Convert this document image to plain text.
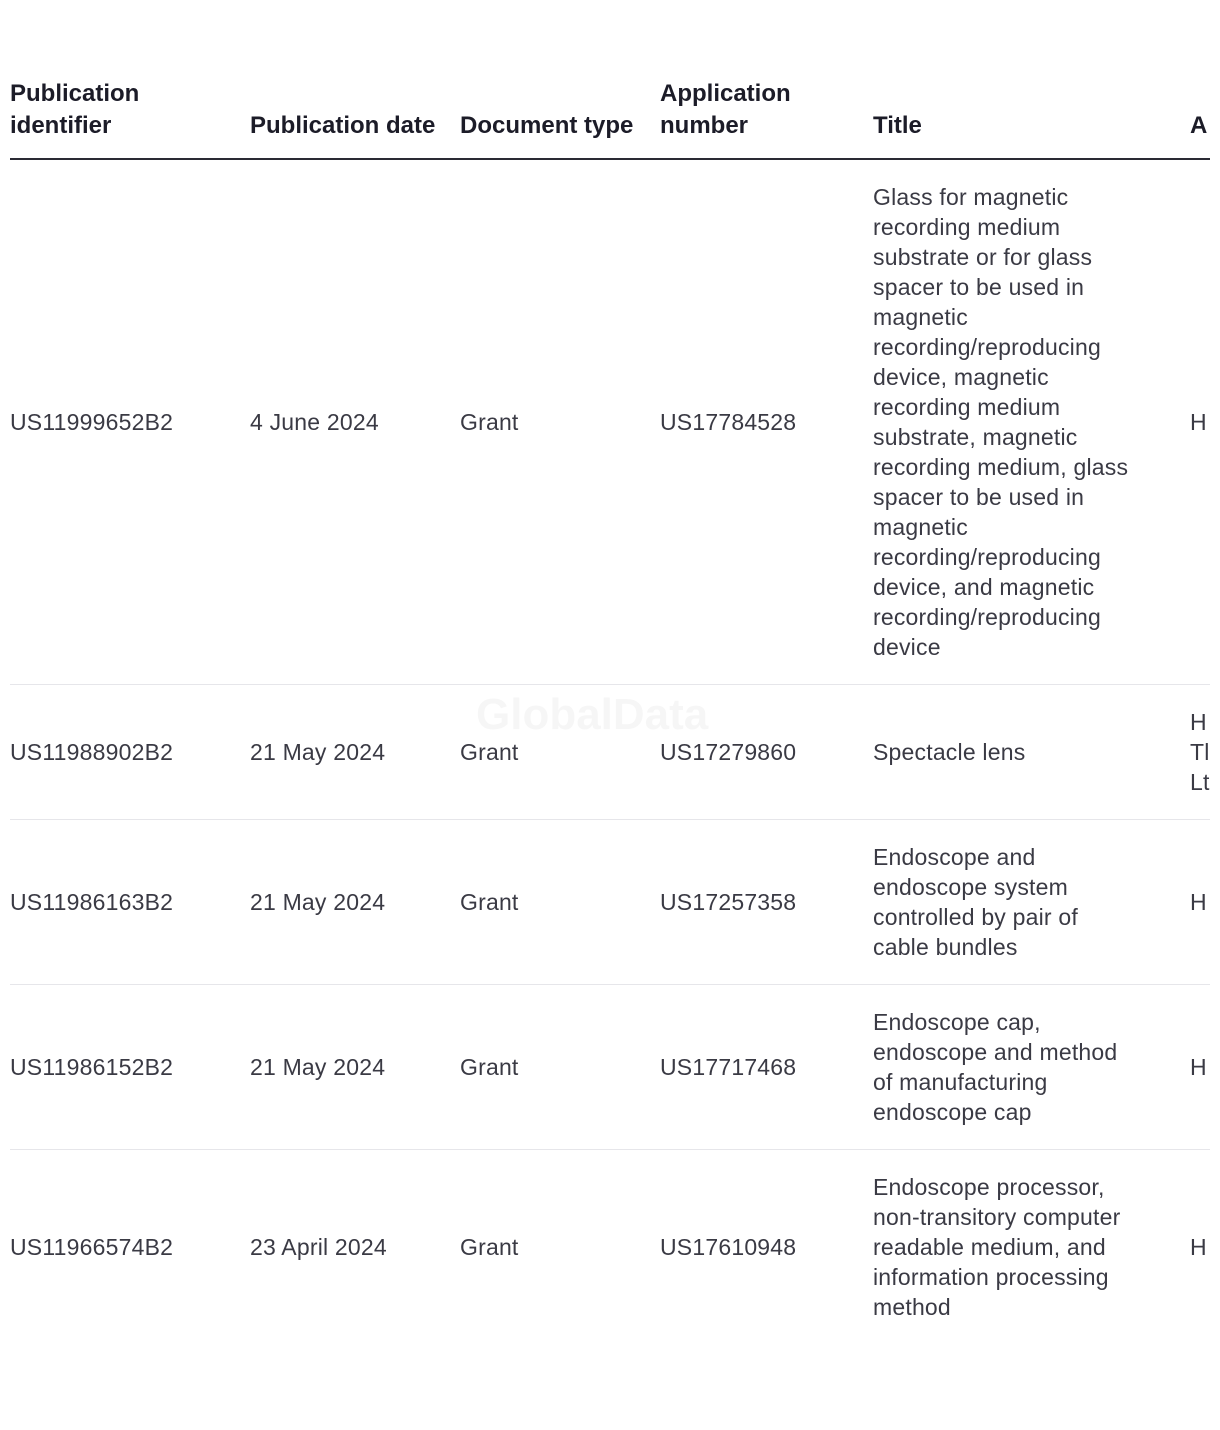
Publication identifier	Publication date	Document type	Application number	Title	A
US11999652B2	4 June 2024	Grant	US17784528	Glass for magnetic recording medium substrate or for glass spacer to be used in magnetic recording/reproducing device, magnetic recording medium substrate, magnetic recording medium, glass spacer to be used in magnetic recording/reproducing device, and magnetic recording/reproducing device	H
US11988902B2	21 May 2024	Grant	US17279860	Spectacle lens	H
Tl
Lt
US11986163B2	21 May 2024	Grant	US17257358	Endoscope and endoscope system controlled by pair of cable bundles	H
US11986152B2	21 May 2024	Grant	US17717468	Endoscope cap, endoscope and method of manufacturing endoscope cap	H
US11966574B2	23 April 2024	Grant	US17610948	Endoscope processor, non-transitory computer readable medium, and information processing method	H
